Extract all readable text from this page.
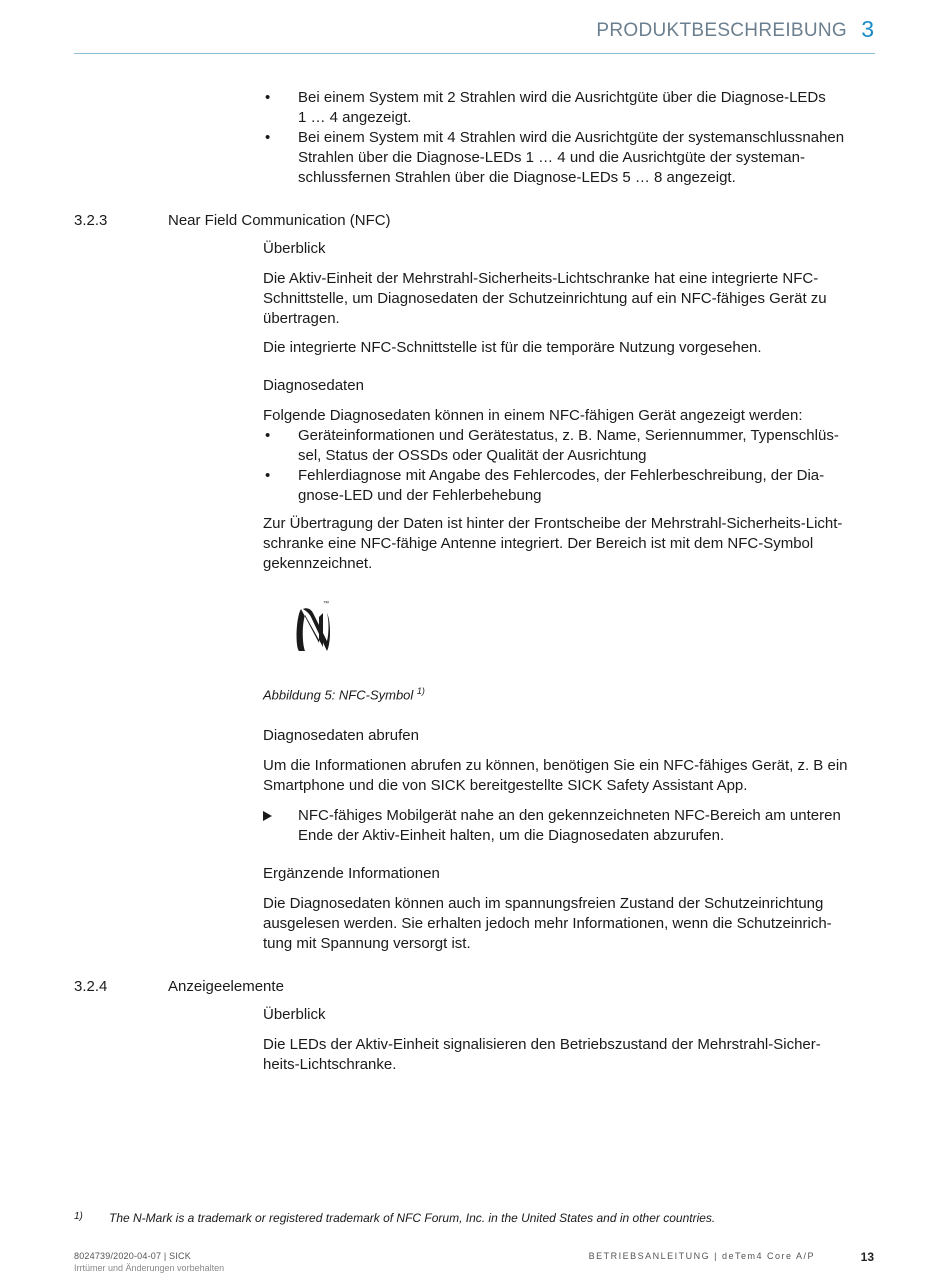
PRODUKTBESCHREIBUNG 3
• Bei einem System mit 2 Strahlen wird die Ausrichtgüte über die Diagnose-LEDs

1 … 4 angezeigt.

• Bei einem System mit 4 Strahlen wird die Ausrichtgüte der systemanschlussnahen

Strahlen über die Diagnose-LEDs 1 … 4 und die Ausrichtgüte der systeman-

schlussfernen Strahlen über die Diagnose-LEDs 5 … 8 angezeigt.

3.2.3	Near Field Communication (NFC)
Überblick
Die Aktiv-Einheit der Mehrstrahl-Sicherheits-Lichtschranke hat eine integrierte NFC-
Schnittstelle, um Diagnosedaten der Schutzeinrichtung auf ein NFC-fähiges Gerät zu
übertragen.
Die integrierte NFC-Schnittstelle ist für die temporäre Nutzung vorgesehen.
Diagnosedaten
Folgende Diagnosedaten können in einem NFC-fähigen Gerät angezeigt werden:
• Geräteinformationen und Gerätestatus, z. B. Name, Seriennummer, Typenschlüs-

sel, Status der OSSDs oder Qualität der Ausrichtung

• Fehlerdiagnose mit Angabe des Fehlercodes, der Fehlerbeschreibung, der Dia-

gnose-LED und der Fehlerbehebung

Zur Übertragung der Daten ist hinter der Frontscheibe der Mehrstrahl-Sicherheits-Licht-
schranke eine NFC-fähige Antenne integriert. Der Bereich ist mit dem NFC-Symbol
gekennzeichnet.
™
Abbildung 5: NFC-Symbol $^{1)}$
Diagnosedaten abrufen
Um die Informationen abrufen zu können, benötigen Sie ein NFC-fähiges Gerät, z. B ein
Smartphone und die von SICK bereitgestellte SICK Safety Assistant App.

NFC-fähiges Mobilgerät nahe an den gekennzeichneten NFC-Bereich am unteren

Ende der Aktiv-Einheit halten, um die Diagnosedaten abzurufen.

Ergänzende Informationen
Die Diagnosedaten können auch im spannungsfreien Zustand der Schutzeinrichtung
ausgelesen werden. Sie erhalten jedoch mehr Informationen, wenn die Schutzeinrich-
tung mit Spannung versorgt ist.
3.2.4	Anzeigeelemente
Überblick
Die LEDs der Aktiv-Einheit signalisieren den Betriebszustand der Mehrstrahl-Sicher-
heits-Lichtschranke.
1) The N-Mark is a trademark or registered trademark of NFC Forum, Inc. in the United States and in other countries.
8024739/2020-04-07 | SICK
Irrtümer und Änderungen vorbehalten
BETRIEBSANLEITUNG | deTem4 Core A/P	13
